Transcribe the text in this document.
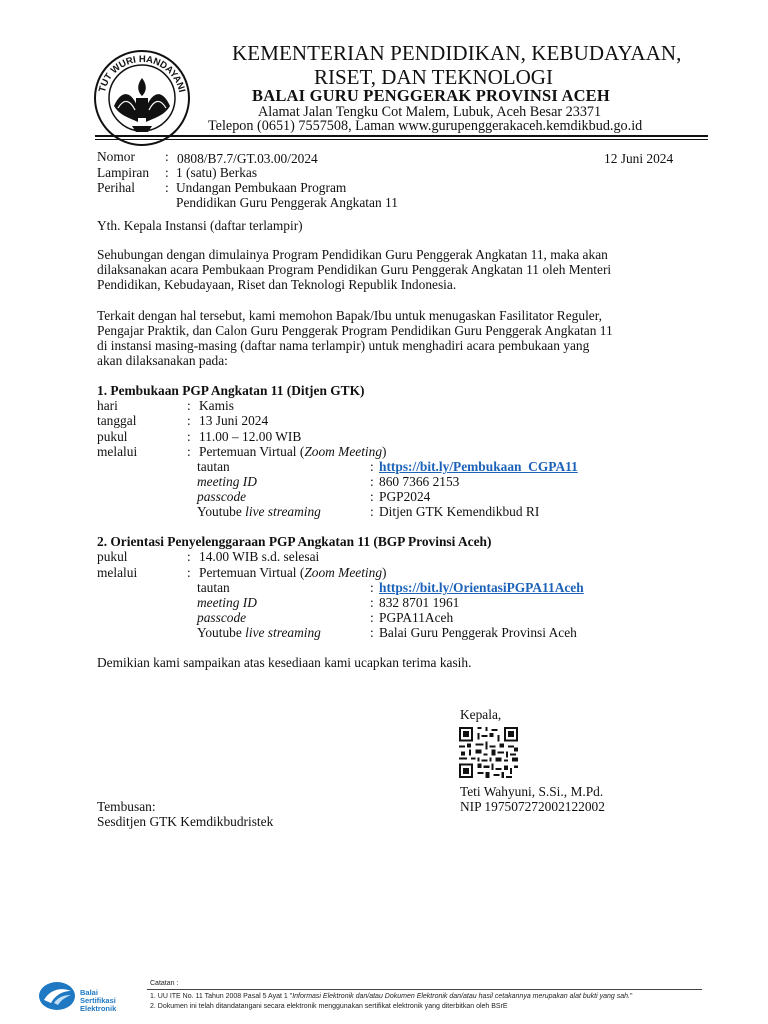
TUT WURI HANDAYANI
KEMENTERIAN PENDIDIKAN, KEBUDAYAAN,
RISET, DAN TEKNOLOGI
BALAI GURU PENGGERAK PROVINSI ACEH
Alamat Jalan Tengku Cot Malem, Lubuk, Aceh Besar 23371
Telepon (0651) 7557508, Laman www.gurupenggerakaceh.kemdikbud.go.id
Nomor : 0808/B7.7/GT.03.00/2024	12 Juni 2024
Lampiran : 1 (satu) Berkas
Perihal : Undangan Pembukaan Program
Pendidikan Guru Penggerak Angkatan 11
Yth. Kepala Instansi (daftar terlampir)
Sehubungan dengan dimulainya Program Pendidikan Guru Penggerak Angkatan 11, maka akan
dilaksanakan acara Pembukaan Program Pendidikan Guru Penggerak Angkatan 11 oleh Menteri
Pendidikan, Kebudayaan, Riset dan Teknologi Republik Indonesia.
Terkait dengan hal tersebut, kami memohon Bapak/Ibu untuk menugaskan Fasilitator Reguler,
Pengajar Praktik, dan Calon Guru Penggerak Program Pendidikan Guru Penggerak Angkatan 11
di instansi masing-masing (daftar nama terlampir) untuk menghadiri acara pembukaan yang
akan dilaksanakan pada:
1. Pembukaan PGP Angkatan 11 (Ditjen GTK)
hari	: Kamis
tanggal	: 13 Juni 2024
pukul	: 11.00 – 12.00 WIB
melalui	: Pertemuan Virtual (Zoom Meeting)
tautan	: https://bit.ly/Pembukaan_CGPA11
meeting ID	: 860 7366 2153
passcode	: PGP2024
Youtube live streaming	: Ditjen GTK Kemendikbud RI
2. Orientasi Penyelenggaraan PGP Angkatan 11 (BGP Provinsi Aceh)
pukul	: 14.00 WIB s.d. selesai
melalui	: Pertemuan Virtual (Zoom Meeting)
tautan	: https://bit.ly/OrientasiPGPA11Aceh
meeting ID	: 832 8701 1961
passcode	: PGPA11Aceh
Youtube live streaming	: Balai Guru Penggerak Provinsi Aceh
Demikian kami sampaikan atas kesediaan kami ucapkan terima kasih.
Kepala,
Teti Wahyuni, S.Si., M.Pd.
NIP 197507272002122002
Tembusan:
Sesditjen GTK Kemdikbudristek
Balai
Sertifikasi
Elektronik
Catatan :
1. UU ITE No. 11 Tahun 2008 Pasal 5 Ayat 1 "Informasi Elektronik dan/atau Dokumen Elektronik dan/atau hasil cetakannya merupakan alat bukti yang sah."
2. Dokumen ini telah ditandatangani secara elektronik menggunakan sertifikat elektronik yang diterbitkan oleh BSrE
